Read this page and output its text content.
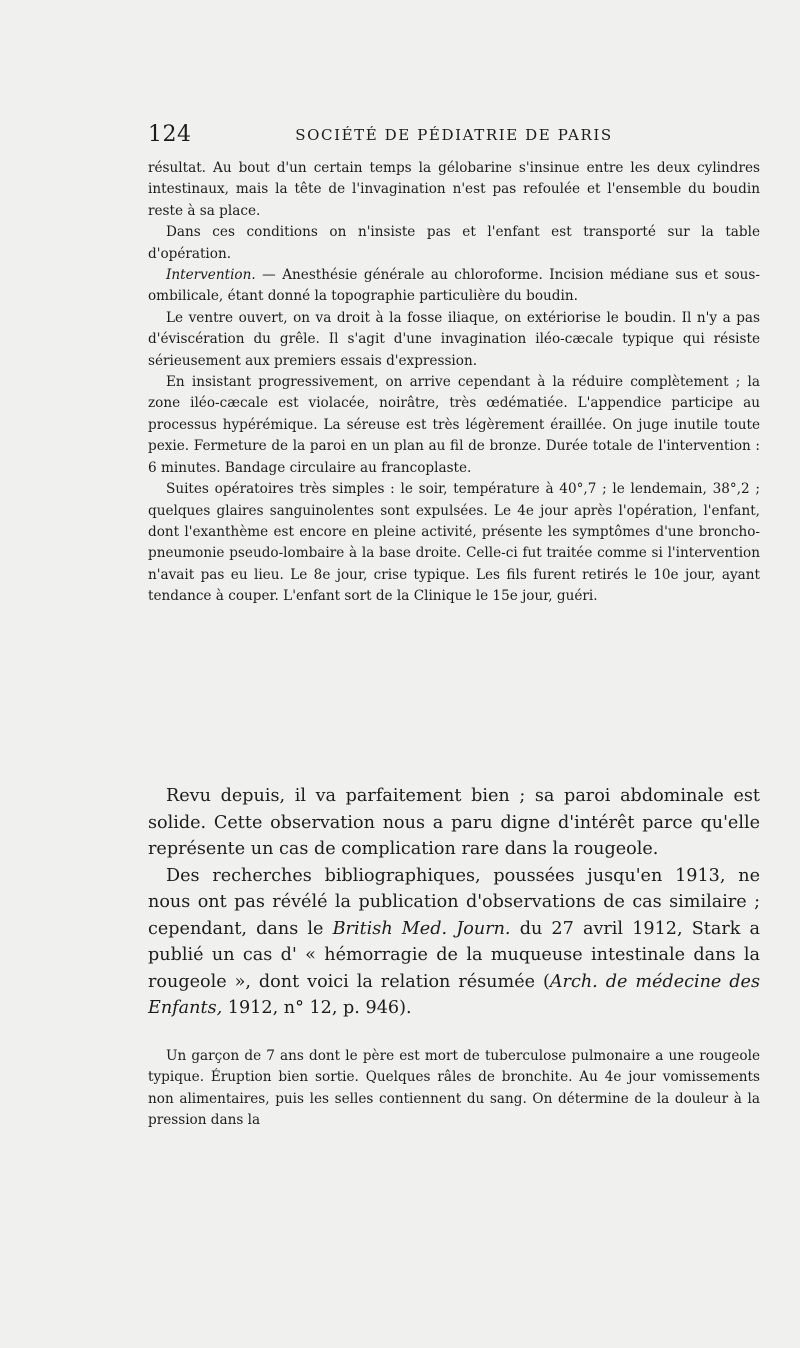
124	SOCIÉTÉ DE PÉDIATRIE DE PARIS

résultat. Au bout d'un certain temps la gélobarine s'insinue entre les deux cylindres intestinaux, mais la tête de l'invagination n'est pas refoulée et l'ensemble du boudin reste à sa place.

Dans ces conditions on n'insiste pas et l'enfant est transporté sur la table d'opération.

Intervention. — Anesthésie générale au chloroforme. Incision médiane sus et sous-ombilicale, étant donné la topographie particulière du boudin.

Le ventre ouvert, on va droit à la fosse iliaque, on extériorise le boudin. Il n'y a pas d'éviscération du grêle. Il s'agit d'une invagination iléo-cæcale typique qui résiste sérieusement aux premiers essais d'expression.

En insistant progressivement, on arrive cependant à la réduire complètement ; la zone iléo-cæcale est violacée, noirâtre, très œdématiée. L'appendice participe au processus hypérémique. La séreuse est très légèrement éraillée. On juge inutile toute pexie. Fermeture de la paroi en un plan au fil de bronze. Durée totale de l'intervention : 6 minutes. Bandage circulaire au francoplaste.

Suites opératoires très simples : le soir, température à 40°,7 ; le lendemain, 38°,2 ; quelques glaires sanguinolentes sont expulsées. Le 4e jour après l'opération, l'enfant, dont l'exanthème est encore en pleine activité, présente les symptômes d'une broncho-pneumonie pseudo-lombaire à la base droite. Celle-ci fut traitée comme si l'intervention n'avait pas eu lieu. Le 8e jour, crise typique. Les fils furent retirés le 10e jour, ayant tendance à couper. L'enfant sort de la Clinique le 15e jour, guéri.

Revu depuis, il va parfaitement bien ; sa paroi abdominale est solide. Cette observation nous a paru digne d'intérêt parce qu'elle représente un cas de complication rare dans la rougeole.

Des recherches bibliographiques, poussées jusqu'en 1913, ne nous ont pas révélé la publication d'observations de cas similaire ; cependant, dans le British Med. Journ. du 27 avril 1912, Stark a publié un cas d' « hémorragie de la muqueuse intestinale dans la rougeole », dont voici la relation résumée (Arch. de médecine des Enfants, 1912, n° 12, p. 946).

Un garçon de 7 ans dont le père est mort de tuberculose pulmonaire a une rougeole typique. Éruption bien sortie. Quelques râles de bronchite. Au 4e jour vomissements non alimentaires, puis les selles contiennent du sang. On détermine de la douleur à la pression dans la
